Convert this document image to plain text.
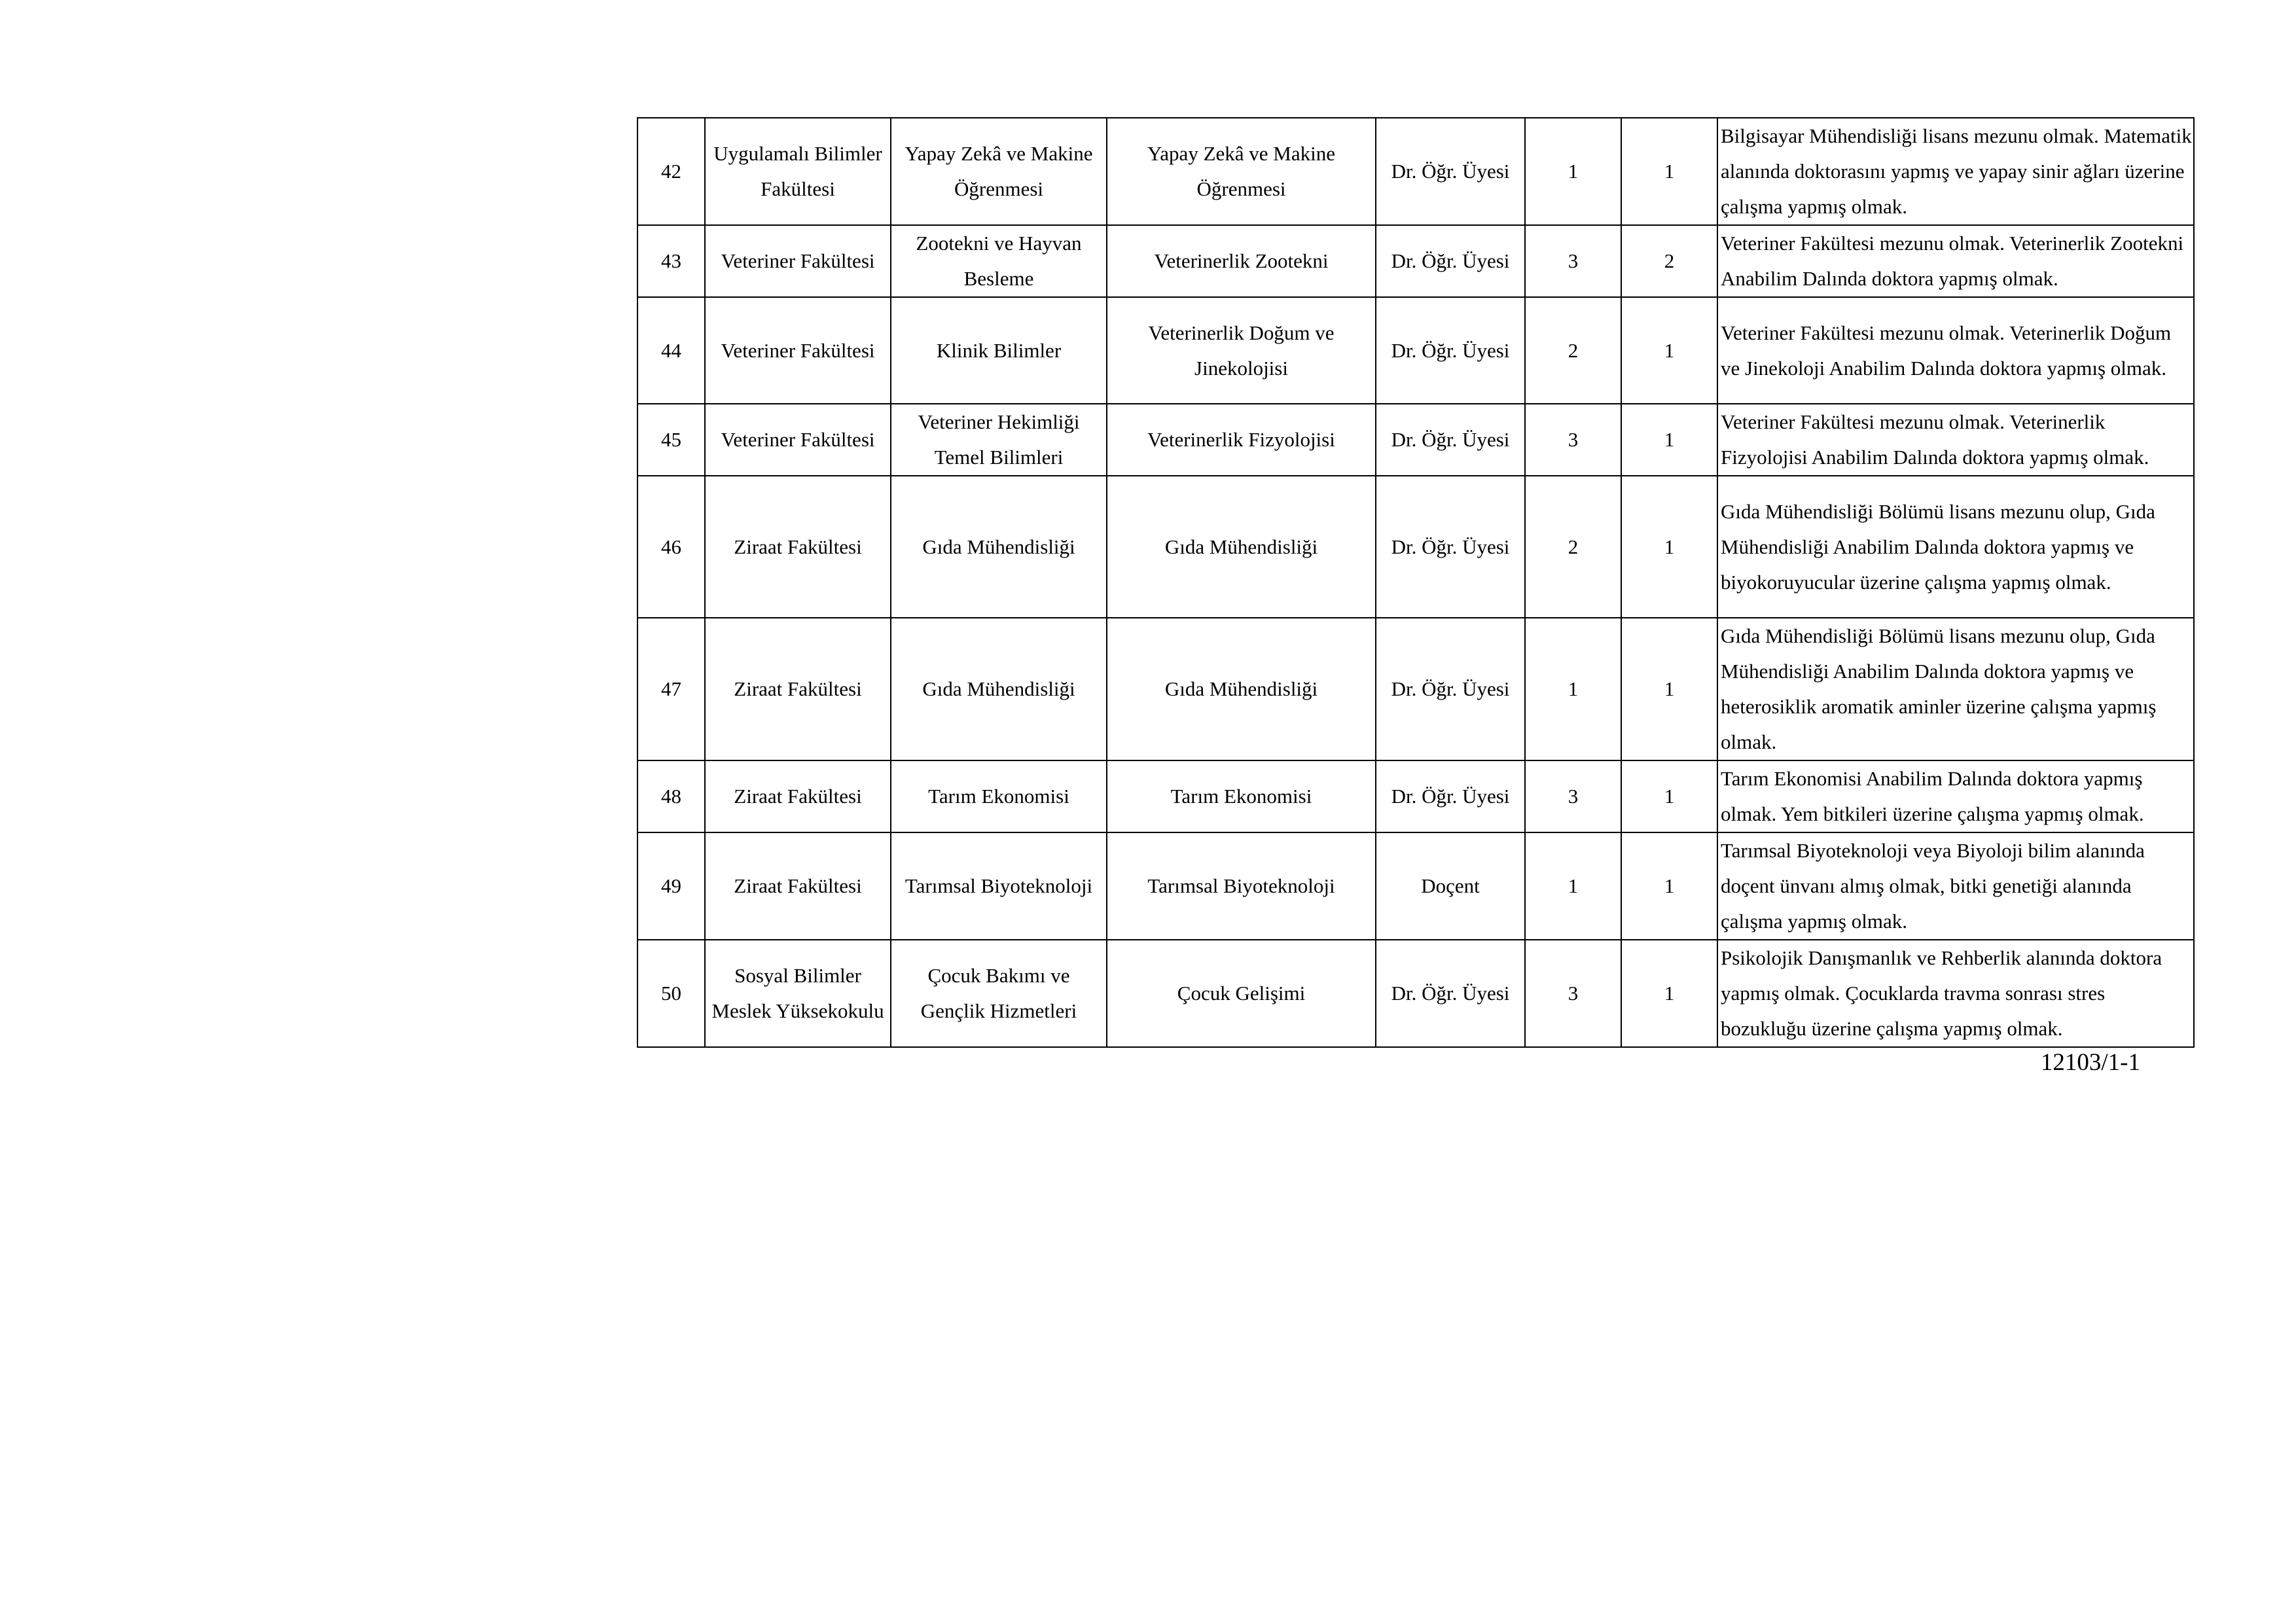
42	Uygulamalı Bilimler Fakültesi	Yapay Zekâ ve Makine Öğrenmesi	Yapay Zekâ ve Makine Öğrenmesi	Dr. Öğr. Üyesi	1	1	Bilgisayar Mühendisliği lisans mezunu olmak. Matematik alanında doktorasını yapmış ve yapay sinir ağları üzerine çalışma yapmış olmak.
43	Veteriner Fakültesi	Zootekni ve Hayvan Besleme	Veterinerlik Zootekni	Dr. Öğr. Üyesi	3	2	Veteriner Fakültesi mezunu olmak. Veterinerlik Zootekni Anabilim Dalında doktora yapmış olmak.
44	Veteriner Fakültesi	Klinik Bilimler	Veterinerlik Doğum ve Jinekolojisi	Dr. Öğr. Üyesi	2	1	Veteriner Fakültesi mezunu olmak. Veterinerlik Doğum ve Jinekoloji Anabilim Dalında doktora yapmış olmak.
45	Veteriner Fakültesi	Veteriner Hekimliği Temel Bilimleri	Veterinerlik Fizyolojisi	Dr. Öğr. Üyesi	3	1	Veteriner Fakültesi mezunu olmak. Veterinerlik Fizyolojisi Anabilim Dalında doktora yapmış olmak.
46	Ziraat Fakültesi	Gıda Mühendisliği	Gıda Mühendisliği	Dr. Öğr. Üyesi	2	1	Gıda Mühendisliği Bölümü lisans mezunu olup, Gıda Mühendisliği Anabilim Dalında doktora yapmış ve biyokoruyucular üzerine çalışma yapmış olmak.
47	Ziraat Fakültesi	Gıda Mühendisliği	Gıda Mühendisliği	Dr. Öğr. Üyesi	1	1	Gıda Mühendisliği Bölümü lisans mezunu olup, Gıda Mühendisliği Anabilim Dalında doktora yapmış ve heterosiklik aromatik aminler üzerine çalışma yapmış olmak.
48	Ziraat Fakültesi	Tarım Ekonomisi	Tarım Ekonomisi	Dr. Öğr. Üyesi	3	1	Tarım Ekonomisi Anabilim Dalında doktora yapmış olmak. Yem bitkileri üzerine çalışma yapmış olmak.
49	Ziraat Fakültesi	Tarımsal Biyoteknoloji	Tarımsal Biyoteknoloji	Doçent	1	1	Tarımsal Biyoteknoloji veya Biyoloji bilim alanında doçent ünvanı almış olmak, bitki genetiği alanında çalışma yapmış olmak.
50	Sosyal Bilimler Meslek Yüksekokulu	Çocuk Bakımı ve Gençlik Hizmetleri	Çocuk Gelişimi	Dr. Öğr. Üyesi	3	1	Psikolojik Danışmanlık ve Rehberlik alanında doktora yapmış olmak. Çocuklarda travma sonrası stres bozukluğu üzerine çalışma yapmış olmak.
12103/1-1
